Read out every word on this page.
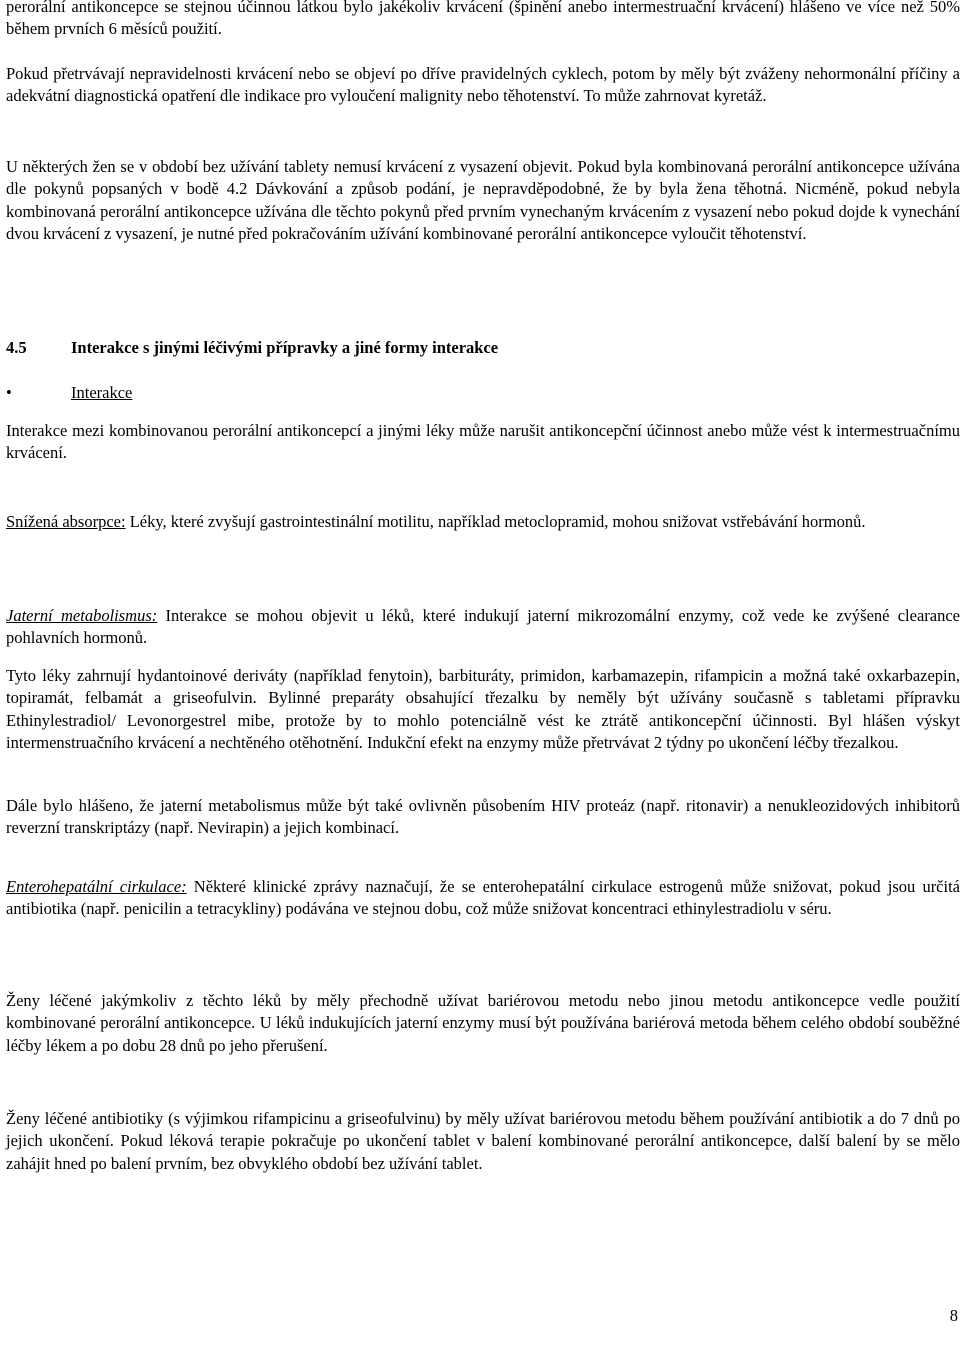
perorální antikoncepce se stejnou účinnou látkou bylo jakékoliv krvácení (špinění anebo intermestruační krvácení) hlášeno ve více než 50% během prvních 6 měsíců použití.

Pokud přetrvávají nepravidelnosti krvácení nebo se objeví po dříve pravidelných cyklech, potom by měly být zváženy nehormonální příčiny a adekvátní diagnostická opatření dle indikace pro vyloučení malignity nebo těhotenství. To může zahrnovat kyretáž.

U některých žen se v období bez užívání tablety nemusí krvácení z vysazení objevit. Pokud byla kombinovaná perorální antikoncepce užívána dle pokynů popsaných v bodě 4.2 Dávkování a způsob podání, je nepravděpodobné, že by byla žena těhotná. Nicméně, pokud nebyla kombinovaná perorální antikoncepce užívána dle těchto pokynů před prvním vynechaným krvácením z vysazení nebo pokud dojde k vynechání dvou krvácení z vysazení, je nutné před pokračováním užívání kombinované perorální antikoncepce vyloučit těhotenství.

4.5	Interakce s jinými léčivými přípravky a jiné formy interakce

•	Interakce

Interakce mezi kombinovanou perorální antikoncepcí a jinými léky může narušit antikoncepční účinnost anebo může vést k intermestruačnímu krvácení.

Snížená absorpce: Léky, které zvyšují gastrointestinální motilitu, například metoclopramid, mohou snižovat vstřebávání hormonů.

Jaterní metabolismus: Interakce se mohou objevit u léků, které indukují jaterní mikrozomální enzymy, což vede ke zvýšené clearance pohlavních hormonů.

Tyto léky zahrnují hydantoinové deriváty (například fenytoin), barbituráty, primidon, karbamazepin, rifampicin a možná také oxkarbazepin, topiramát, felbamát a griseofulvin. Bylinné preparáty obsahující třezalku by neměly být užívány současně s tabletami přípravku Ethinylestradiol/ Levonorgestrel mibe, protože by to mohlo potenciálně vést ke ztrátě antikoncepční účinnosti. Byl hlášen výskyt intermenstruačního krvácení a nechtěného otěhotnění. Indukční efekt na enzymy může přetrvávat 2 týdny po ukončení léčby třezalkou.

Dále bylo hlášeno, že jaterní metabolismus může být také ovlivněn působením HIV proteáz (např. ritonavir) a nenukleozidových inhibitorů reverzní transkriptázy (např. Nevirapin) a jejich kombinací.

Enterohepatální cirkulace: Některé klinické zprávy naznačují, že se enterohepatální cirkulace estrogenů může snižovat, pokud jsou určitá antibiotika (např. penicilin a tetracykliny) podávána ve stejnou dobu, což může snižovat koncentraci ethinylestradiolu v séru.

Ženy léčené jakýmkoliv z těchto léků by měly přechodně užívat bariérovou metodu nebo jinou metodu antikoncepce vedle použití kombinované perorální antikoncepce. U léků indukujících jaterní enzymy musí být používána bariérová metoda během celého období souběžné léčby lékem a po dobu 28 dnů po jeho přerušení.

Ženy léčené antibiotiky (s výjimkou rifampicinu a griseofulvinu) by měly užívat bariérovou metodu během používání antibiotik a do 7 dnů po jejich ukončení. Pokud léková terapie pokračuje po ukončení tablet v balení kombinované perorální antikoncepce, další balení by se mělo zahájit hned po balení prvním, bez obvyklého období bez užívání tablet.

8
